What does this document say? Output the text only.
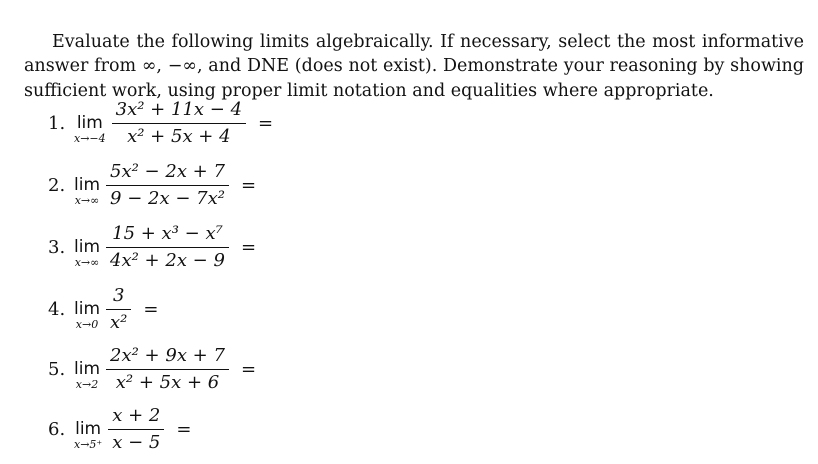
Evaluate the following limits algebraically. If necessary, select the most informative answer from ∞, −∞, and DNE (does not exist). Demonstrate your reasoning by showing sufficient work, using proper limit notation and equalities where appropriate.

1. lim
$x\to-4 \frac{\text{3x² + 11x − 4}}{\text{x² + 5x + 4}}$ =
2. lim
$x\to\infty \frac{\text{5x² − 2x + 7}}{\text{9 − 2x − 7x²}}$ =
3. lim
$x\to\infty \frac{\text{15 + x³ − x⁷}}{\text{4x² + 2x − 9}}$ =
4. lim
$x\to 0 \frac{3}{\text{x²}}$ =
5. lim
$x\to 2 \frac{\text{2x² + 9x + 7}}{\text{x² + 5x + 6}}$ =
6. lim
$x\to 5^+ \frac{x + 2}{x - 5}$ =
